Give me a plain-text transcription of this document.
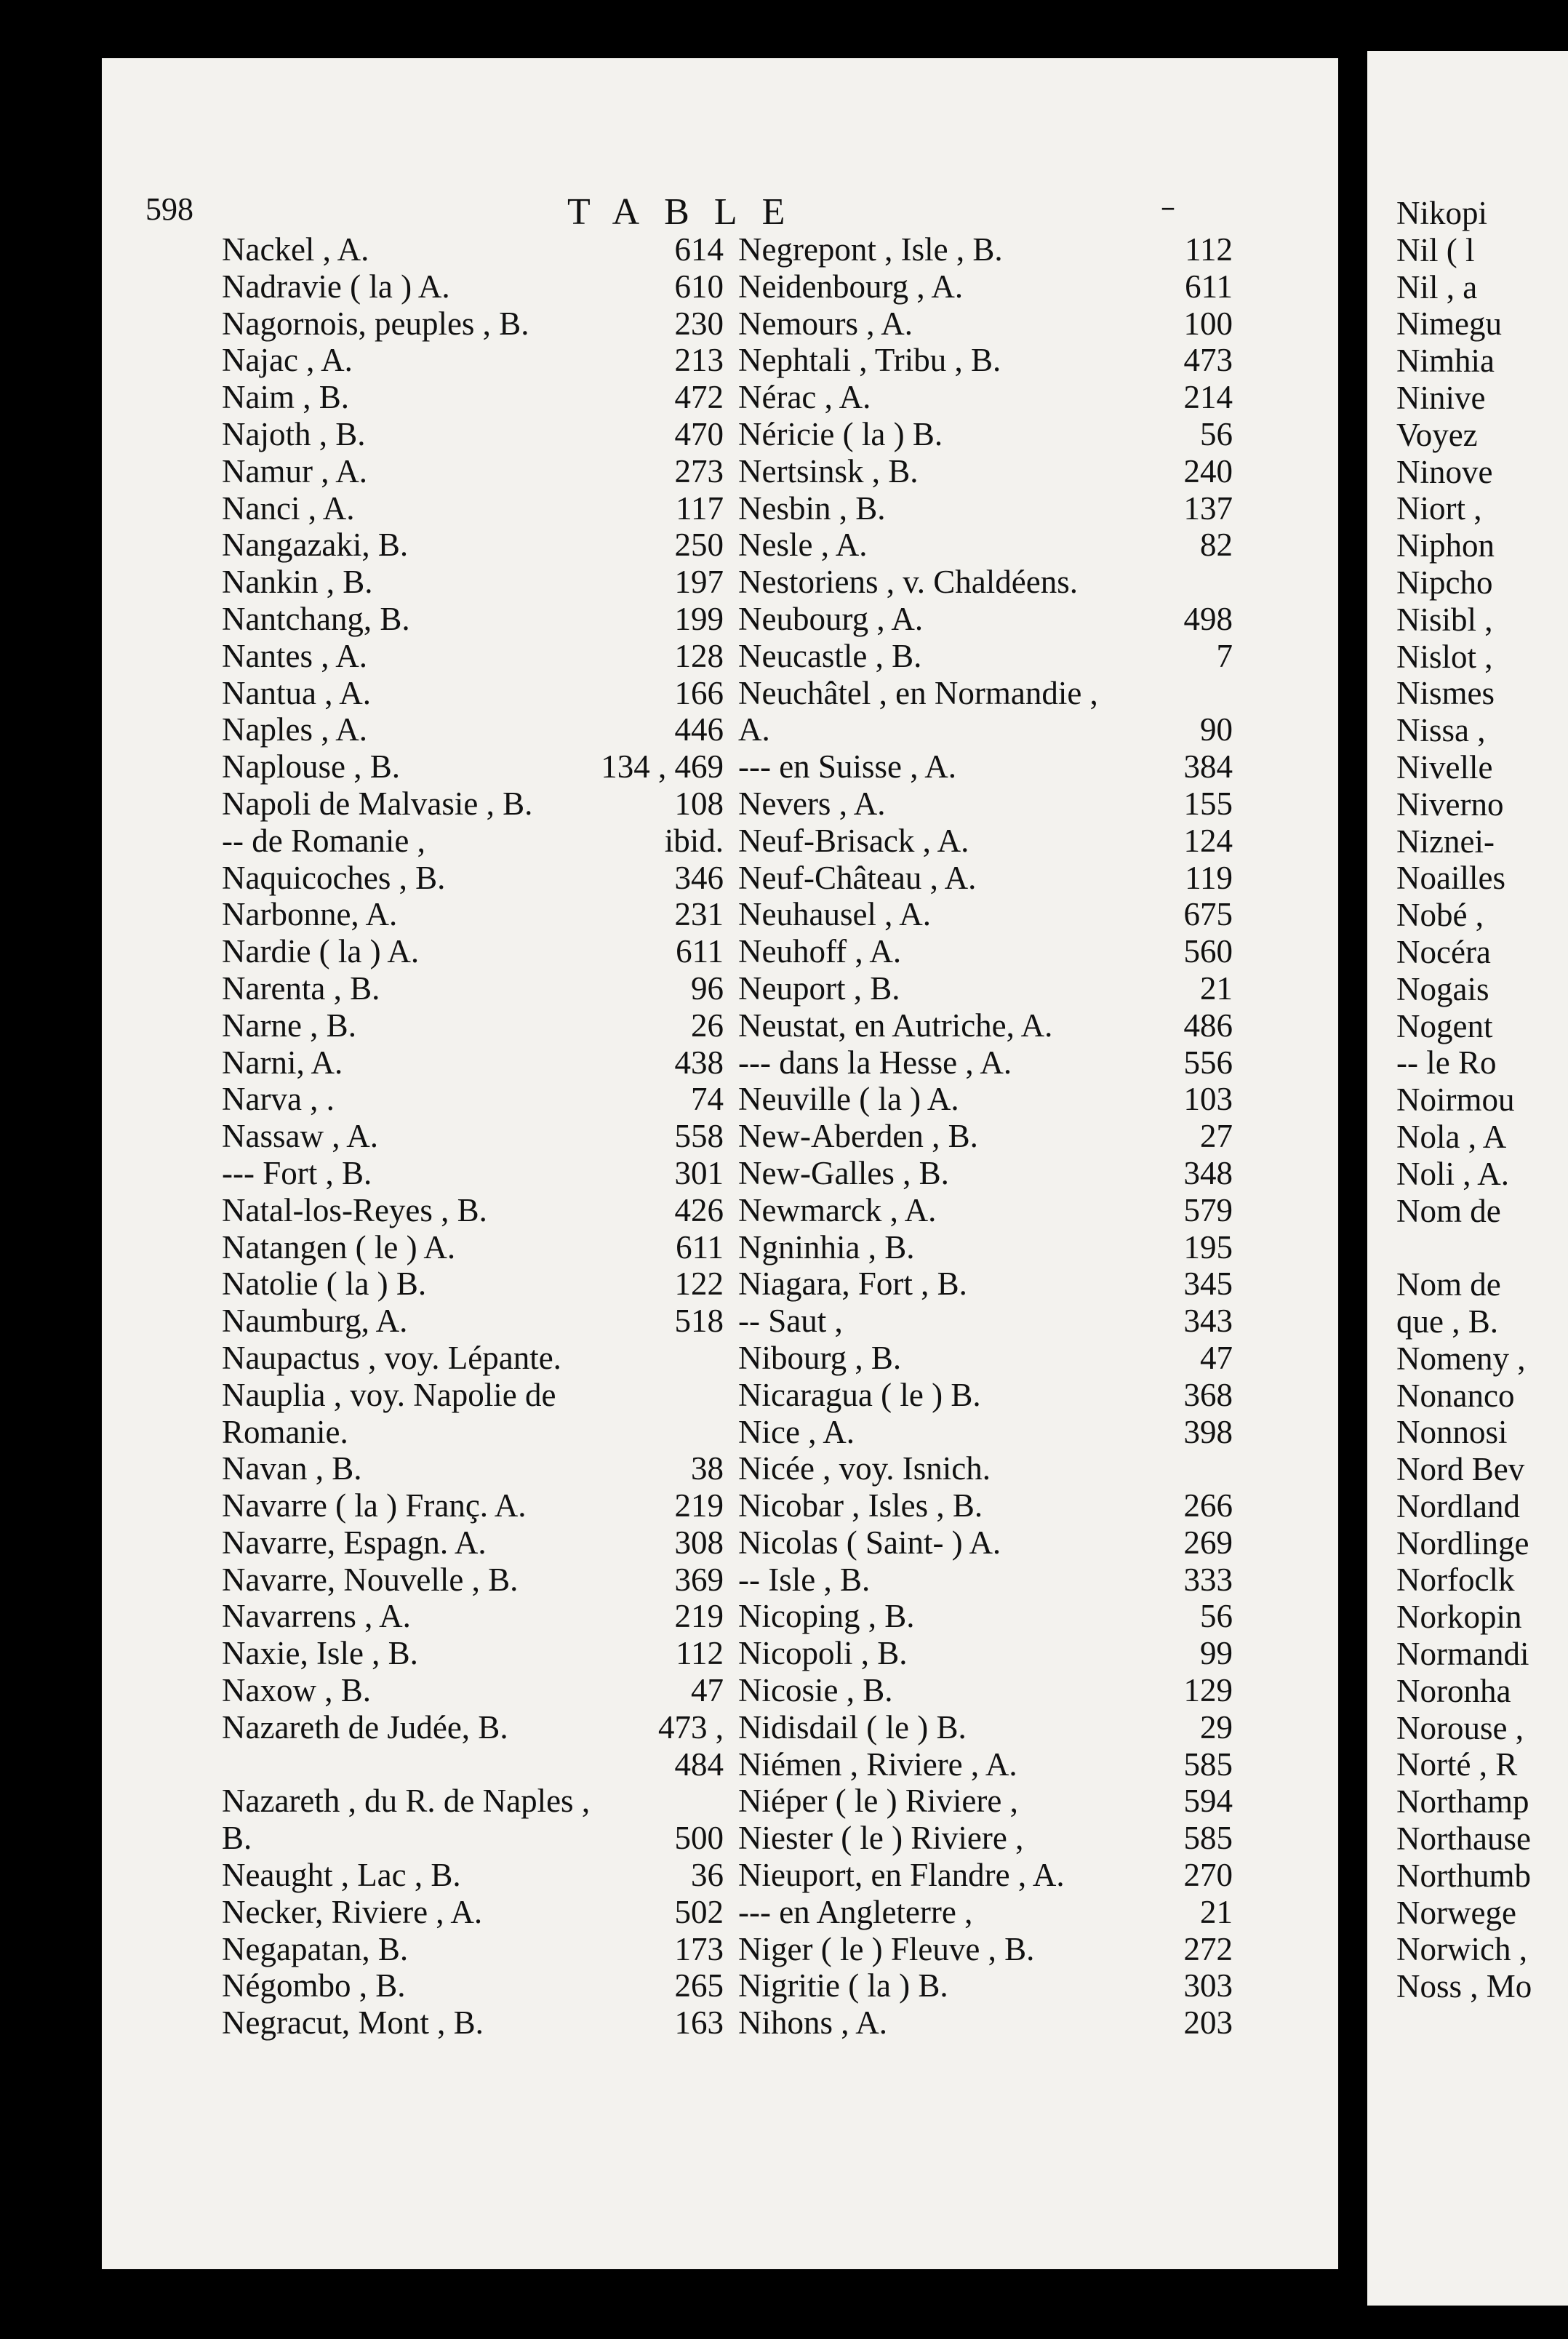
598	TABLE	–
Nackel , A.	614
Nadravie ( la ) A.	610
Nagornois, peuples , B.	230
Najac , A.	213
Naim , B.	472
Najoth , B.	470
Namur , A.	273
Nanci , A.	117
Nangazaki, B.	250
Nankin , B.	197
Nantchang, B.	199
Nantes , A.	128
Nantua , A.	166
Naples , A.	446
Naplouse , B.	134 , 469
Napoli de Malvasie , B.	108
-- de Romanie ,	ibid.
Naquicoches , B.	346
Narbonne, A.	231
Nardie ( la ) A.	611
Narenta , B.	96
Narne , B.	26
Narni, A.	438
Narva , .	74
Nassaw , A.	558
--- Fort , B.	301
Natal-los-Reyes , B.	426
Natangen ( le ) A.	611
Natolie ( la ) B.	122
Naumburg, A.	518
Naupactus , voy. Lépante.
Nauplia , voy. Napolie de
Romanie.
Navan , B.	38
Navarre ( la ) Franç. A.	219
Navarre, Espagn. A.	308
Navarre, Nouvelle , B.	369
Navarrens , A.	219
Naxie, Isle , B.	112
Naxow , B.	47
Nazareth de Judée, B.	473 ,
484
Nazareth , du R. de Naples ,
B.	500
Neaught , Lac , B.	36
Necker, Riviere , A.	502
Negapatan, B.	173
Négombo , B.	265
Negracut, Mont , B.	163
Negrepont , Isle , B.	112
Neidenbourg , A.	611
Nemours , A.	100
Nephtali , Tribu , B.	473
Nérac , A.	214
Néricie ( la ) B.	56
Nertsinsk , B.	240
Nesbin , B.	137
Nesle , A.	82
Nestoriens , v. Chaldéens.
Neubourg , A.	498
Neucastle , B.	7
Neuchâtel , en Normandie ,
A.	90
--- en Suisse , A.	384
Nevers , A.	155
Neuf-Brisack , A.	124
Neuf-Château , A.	119
Neuhausel , A.	675
Neuhoff , A.	560
Neuport , B.	21
Neustat, en Autriche, A.	486
--- dans la Hesse , A.	556
Neuville ( la ) A.	103
New-Aberden , B.	27
New-Galles , B.	348
Newmarck , A.	579
Ngninhia , B.	195
Niagara, Fort , B.	345
-- Saut ,	343
Nibourg , B.	47
Nicaragua ( le ) B.	368
Nice , A.	398
Nicée , voy. Isnich.
Nicobar , Isles , B.	266
Nicolas ( Saint- ) A.	269
-- Isle , B.	333
Nicoping , B.	56
Nicopoli , B.	99
Nicosie , B.	129
Nidisdail ( le ) B.	29
Niémen , Riviere , A.	585
Niéper ( le ) Riviere ,	594
Niester ( le ) Riviere ,	585
Nieuport, en Flandre , A.	270
--- en Angleterre ,	21
Niger ( le ) Fleuve , B.	272
Nigritie ( la ) B.	303
Nihons , A.	203
Nikopi
Nil ( l
Nil , a
Nimegu
Nimhia
Ninive
Voyez
Ninove
Niort ,
Niphon
Nipcho
Nisibl ,
Nislot ,
Nismes
Nissa ,
Nivelle
Niverno
Niznei-
Noailles
Nobé ,
Nocéra
Nogais
Nogent
-- le Ro
Noirmou
Nola , A
Noli , A.
Nom de
Nom de
que , B.
Nomeny ,
Nonanco
Nonnosi
Nord Bev
Nordland
Nordlinge
Norfoclk
Norkopin
Normandi
Noronha
Norouse ,
Norté , R
Northamp
Northause
Northumb
Norwege
Norwich ,
Noss , Mo
